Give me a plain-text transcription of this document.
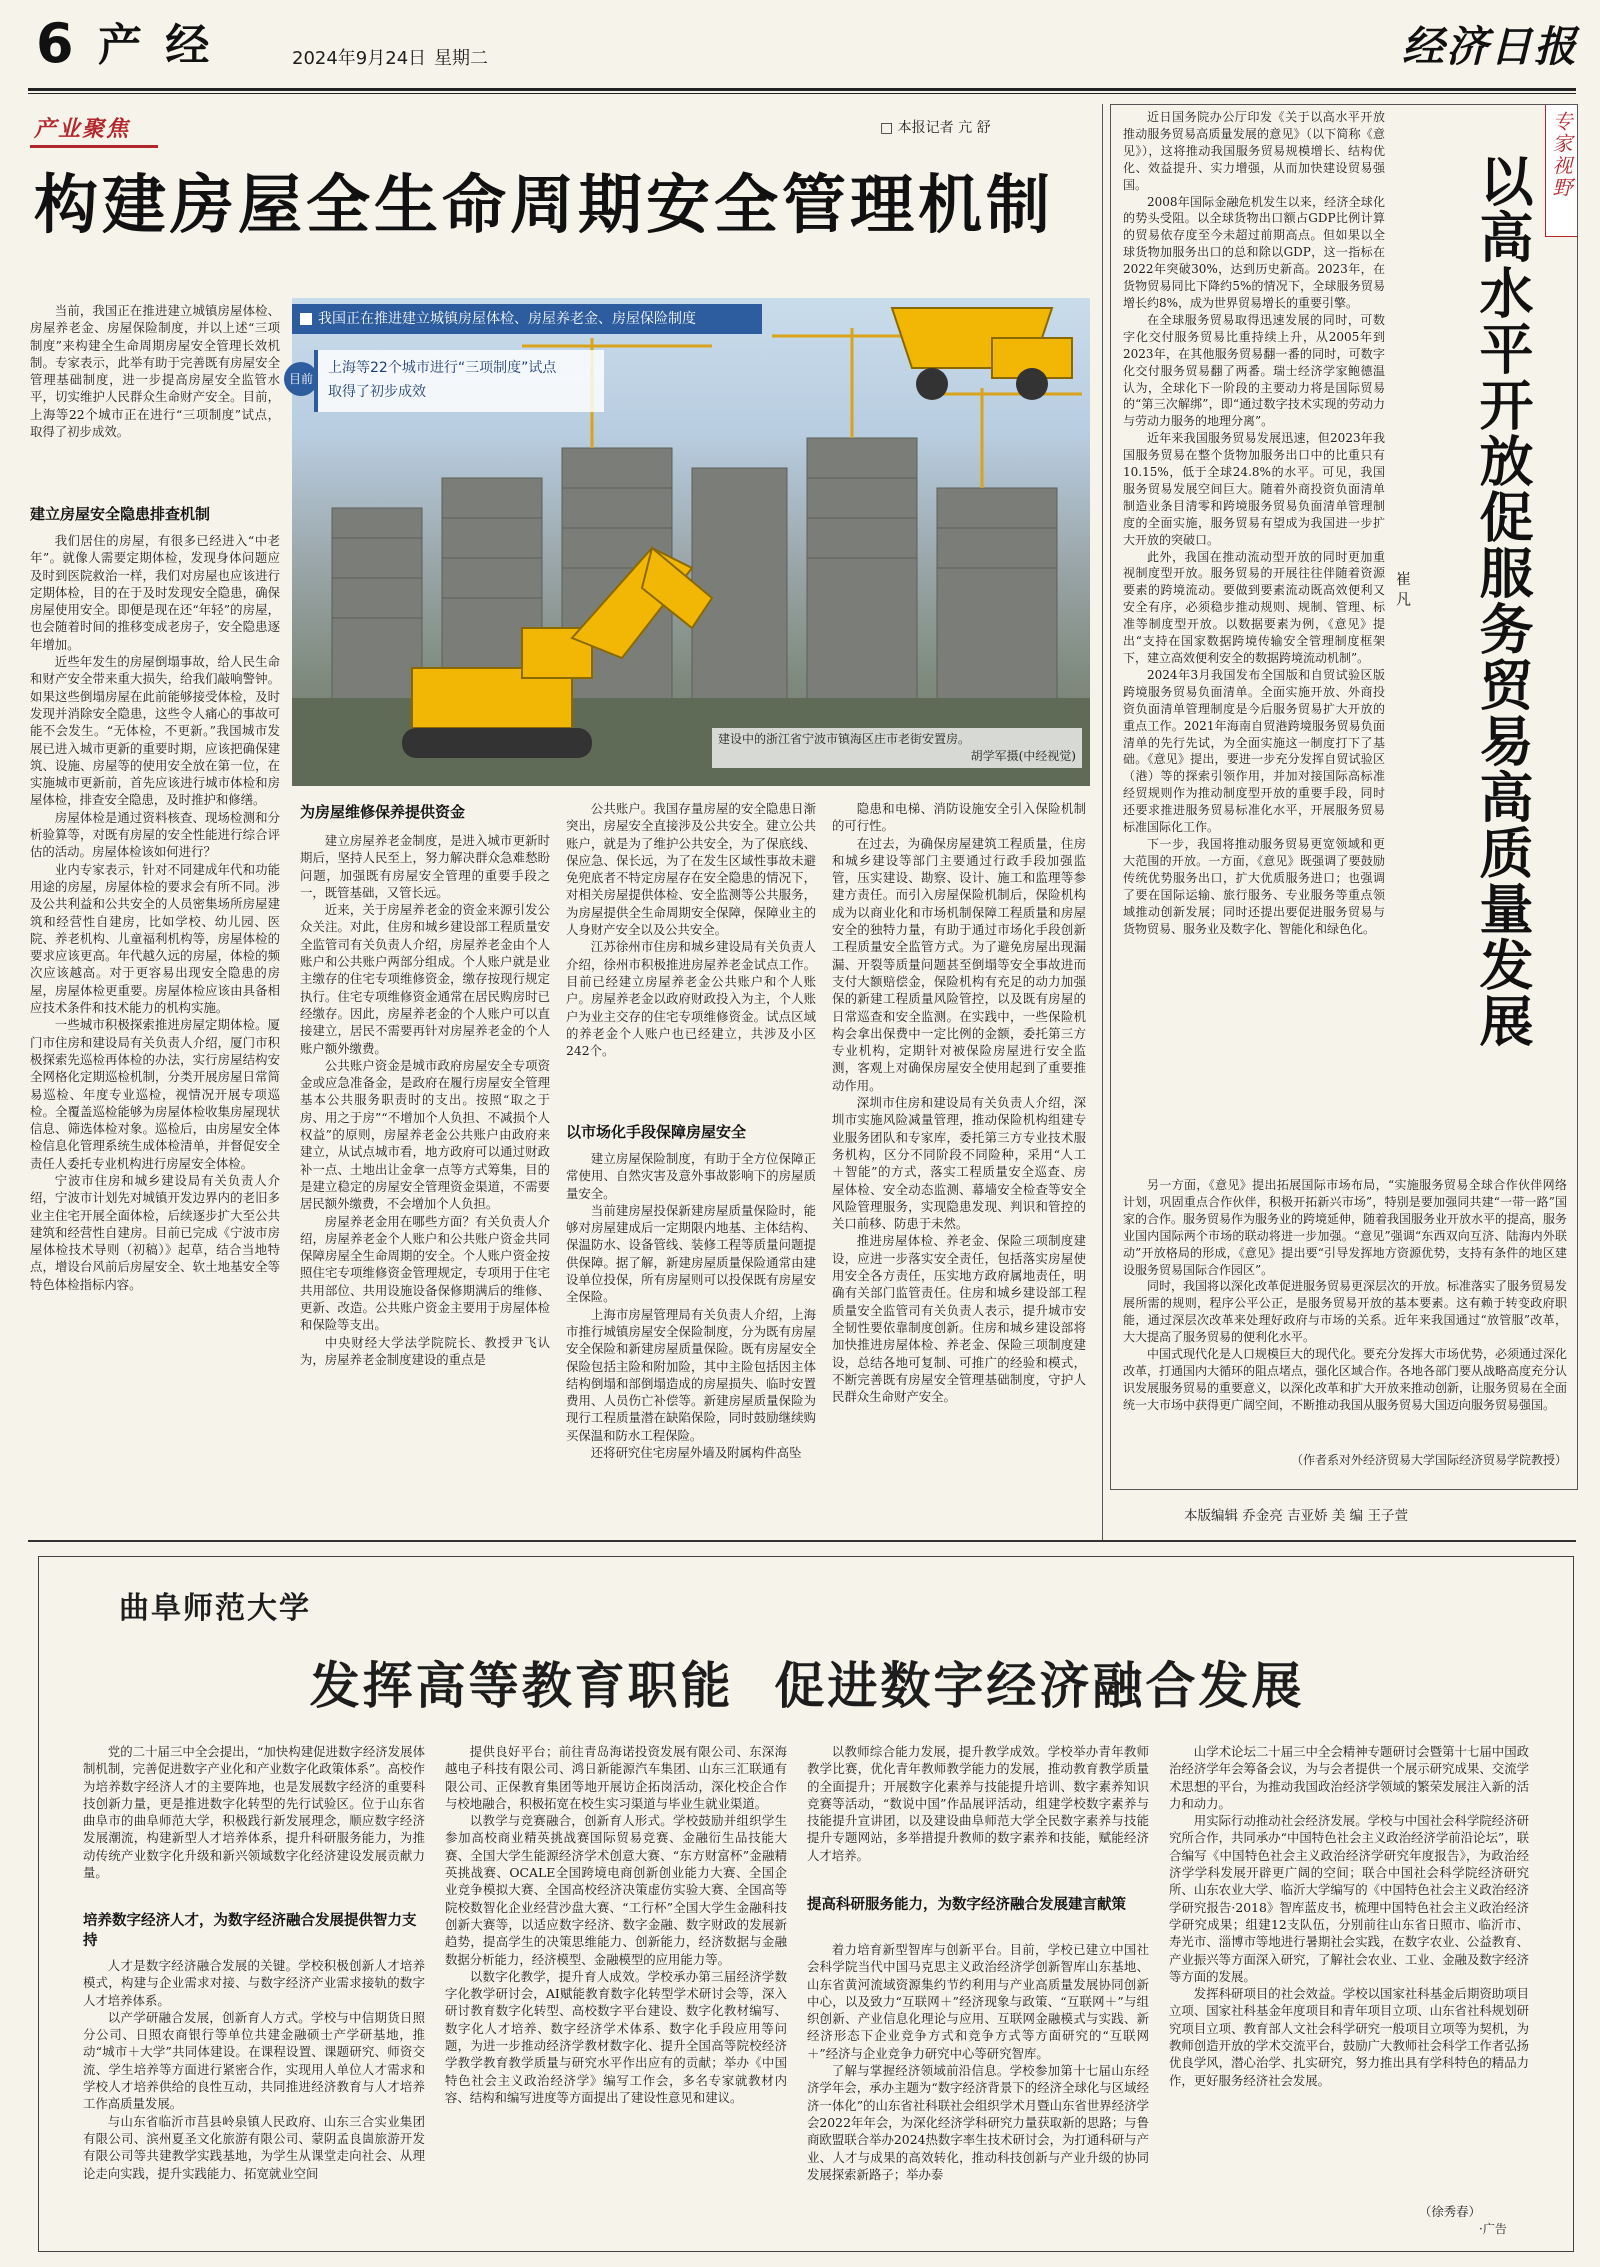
6 产 经	2024年9月24日 星期二	经济日报
产业聚焦	□ 本报记者 亢 舒
构建房屋全生命周期安全管理机制
我国正在推进建立城镇房屋体检、房屋养老金、房屋保险制度
目前
上海等22个城市进行“三项制度”试点
取得了初步成效
建设中的浙江省宁波市镇海区庄市老街安置房。
胡学军摄(中经视觉)

当前，我国正在推进建立城镇房屋体检、房屋养老金、房屋保险制度，并以上述“三项制度”来构建全生命周期房屋安全管理长效机制。专家表示，此举有助于完善既有房屋安全管理基础制度，进一步提高房屋安全监管水平，切实维护人民群众生命财产安全。目前，上海等22个城市正在进行“三项制度”试点，取得了初步成效。

建立房屋安全隐患排查机制

我们居住的房屋，有很多已经进入“中老年”。就像人需要定期体检，发现身体问题应及时到医院救治一样，我们对房屋也应该进行定期体检，目的在于及时发现安全隐患，确保房屋使用安全。即便是现在还“年轻”的房屋，也会随着时间的推移变成老房子，安全隐患逐年增加。

近些年发生的房屋倒塌事故，给人民生命和财产安全带来重大损失，给我们敲响警钟。如果这些倒塌房屋在此前能够接受体检，及时发现并消除安全隐患，这些令人痛心的事故可能不会发生。“无体检，不更新。”我国城市发展已进入城市更新的重要时期，应该把确保建筑、设施、房屋等的使用安全放在第一位，在实施城市更新前，首先应该进行城市体检和房屋体检，排查安全隐患，及时推护和修缮。

房屋体检是通过资料核查、现场检测和分析验算等，对既有房屋的安全性能进行综合评估的活动。房屋体检该如何进行？

业内专家表示，针对不同建成年代和功能用途的房屋，房屋体检的要求会有所不同。涉及公共利益和公共安全的人员密集场所房屋建筑和经营性自建房，比如学校、幼儿园、医院、养老机构、儿童福利机构等，房屋体检的要求应该更高。年代越久远的房屋，体检的频次应该越高。对于更容易出现安全隐患的房屋，房屋体检更重要。房屋体检应该由具备相应技术条件和技术能力的机构实施。

一些城市积极探索推进房屋定期体检。厦门市住房和建设局有关负责人介绍，厦门市积极探索先巡检再体检的办法，实行房屋结构安全网格化定期巡检机制，分类开展房屋日常简易巡检、年度专业巡检，视情况开展专项巡检。全覆盖巡检能够为房屋体检收集房屋现状信息、筛选体检对象。巡检后，由房屋安全体检信息化管理系统生成体检清单，并督促安全责任人委托专业机构进行房屋安全体检。

宁波市住房和城乡建设局有关负责人介绍，宁波市计划先对城镇开发边界内的老旧多业主住宅开展全面体检，后续逐步扩大至公共建筑和经营性自建房。目前已完成《宁波市房屋体检技术导则（初稿）》起草，结合当地特点，增设台风前后房屋安全、软土地基安全等特色体检指标内容。

为房屋维修保养提供资金

建立房屋养老金制度，是进入城市更新时期后，坚持人民至上，努力解决群众急难愁盼问题，加强既有房屋安全管理的重要手段之一，既管基础，又管长远。

近来，关于房屋养老金的资金来源引发公众关注。对此，住房和城乡建设部工程质量安全监管司有关负责人介绍，房屋养老金由个人账户和公共账户两部分组成。个人账户就是业主缴存的住宅专项维修资金，缴存按现行规定执行。住宅专项维修资金通常在居民购房时已经缴存。因此，房屋养老金的个人账户可以直接建立，居民不需要再针对房屋养老金的个人账户额外缴费。

公共账户资金是城市政府房屋安全专项资金或应急准备金，是政府在履行房屋安全管理基本公共服务职责时的支出。按照“取之于房、用之于房”“不增加个人负担、不减损个人权益”的原则，房屋养老金公共账户由政府来建立，从试点城市看，地方政府可以通过财政补一点、土地出让金拿一点等方式筹集，目的是建立稳定的房屋安全管理资金渠道，不需要居民额外缴费，不会增加个人负担。

房屋养老金用在哪些方面？有关负责人介绍，房屋养老金个人账户和公共账户资金共同保障房屋全生命周期的安全。个人账户资金按照住宅专项维修资金管理规定，专项用于住宅共用部位、共用设施设备保修期满后的维修、更新、改造。公共账户资金主要用于房屋体检和保险等支出。

中央财经大学法学院院长、教授尹飞认为，房屋养老金制度建设的重点是

公共账户。我国存量房屋的安全隐患日渐突出，房屋安全直接涉及公共安全。建立公共账户，就是为了维护公共安全，为了保底线、保应急、保长远，为了在发生区域性事故未避免兜底者不特定房屋存在安全隐患的情况下，对相关房屋提供体检、安全监测等公共服务，为房屋提供全生命周期安全保障，保障业主的人身财产安全以及公共安全。

江苏徐州市住房和城乡建设局有关负责人介绍，徐州市积极推进房屋养老金试点工作。目前已经建立房屋养老金公共账户和个人账户。房屋养老金以政府财政投入为主，个人账户为业主交存的住宅专项维修资金。试点区域的养老金个人账户也已经建立，共涉及小区242个。

以市场化手段保障房屋安全

建立房屋保险制度，有助于全方位保障正常使用、自然灾害及意外事故影响下的房屋质量安全。

当前建房屋投保新建房屋质量保险时，能够对房屋建成后一定期限内地基、主体结构、保温防水、设备管线、装修工程等质量问题提供保障。据了解，新建房屋质量保险通常由建设单位投保，所有房屋则可以投保既有房屋安全保险。

上海市房屋管理局有关负责人介绍，上海市推行城镇房屋安全保险制度，分为既有房屋安全保险和新建房屋质量保险。既有房屋安全保险包括主险和附加险，其中主险包括因主体结构倒塌和部倒塌造成的房屋损失、临时安置费用、人员伤亡补偿等。新建房屋质量保险为现行工程质量潜在缺陷保险，同时鼓励继续购买保温和防水工程保险。

还将研究住宅房屋外墙及附属构件高坠

隐患和电梯、消防设施安全引入保险机制的可行性。

在过去，为确保房屋建筑工程质量，住房和城乡建设等部门主要通过行政手段加强监管，压实建设、勘察、设计、施工和监理等参建方责任。而引入房屋保险机制后，保险机构成为以商业化和市场机制保障工程质量和房屋安全的独特力量，有助于通过市场化手段创新工程质量安全监管方式。为了避免房屋出现漏漏、开裂等质量问题甚至倒塌等安全事故进而支付大额赔偿金，保险机构有充足的动力加强保的新建工程质量风险管控，以及既有房屋的日常巡查和安全监测。在实践中，一些保险机构会拿出保费中一定比例的金额，委托第三方专业机构，定期针对被保险房屋进行安全监测，客观上对确保房屋安全使用起到了重要推动作用。

深圳市住房和建设局有关负责人介绍，深圳市实施风险减量管理，推动保险机构组建专业服务团队和专家库，委托第三方专业技术服务机构，区分不同阶段不同险种，采用“人工＋智能”的方式，落实工程质量安全巡查、房屋体检、安全动态监测、幕墙安全检查等安全风险管理服务，实现隐患发现、判识和管控的关口前移、防患于未然。

推进房屋体检、养老金、保险三项制度建设，应进一步落实安全责任，包括落实房屋使用安全各方责任，压实地方政府属地责任，明确有关部门监管责任。住房和城乡建设部工程质量安全监管司有关负责人表示，提升城市安全韧性要依靠制度创新。住房和城乡建设部将加快推进房屋体检、养老金、保险三项制度建设，总结各地可复制、可推广的经验和模式，不断完善既有房屋安全管理基础制度，守护人民群众生命财产安全。

专家视野
以高水平开放促服务贸易高质量发展
崔 凡

近日国务院办公厅印发《关于以高水平开放推动服务贸易高质量发展的意见》（以下简称《意见》），这将推动我国服务贸易规模增长、结构优化、效益提升、实力增强，从而加快建设贸易强国。

2008年国际金融危机发生以来，经济全球化的势头受阻。以全球货物出口额占GDP比例计算的贸易依存度至今未超过前期高点。但如果以全球货物加服务出口的总和除以GDP，这一指标在2022年突破30%，达到历史新高。2023年，在货物贸易同比下降约5%的情况下，全球服务贸易增长约8%，成为世界贸易增长的重要引擎。

在全球服务贸易取得迅速发展的同时，可数字化交付服务贸易比重持续上升，从2005年到2023年，在其他服务贸易翻一番的同时，可数字化交付服务贸易翻了两番。瑞士经济学家鲍德温认为，全球化下一阶段的主要动力将是国际贸易的“第三次解绑”，即“通过数字技术实现的劳动力与劳动力服务的地理分离”。

近年来我国服务贸易发展迅速，但2023年我国服务贸易在整个货物加服务出口中的比重只有10.15%，低于全球24.8%的水平。可见，我国服务贸易发展空间巨大。随着外商投资负面清单制造业条目清零和跨境服务贸易负面清单管理制度的全面实施，服务贸易有望成为我国进一步扩大开放的突破口。

此外，我国在推动流动型开放的同时更加重视制度型开放。服务贸易的开展往往伴随着资源要素的跨境流动。要做到要素流动既高效便利又安全有序，必须稳步推动规则、规制、管理、标准等制度型开放。以数据要素为例，《意见》提出“支持在国家数据跨境传输安全管理制度框架下，建立高效便利安全的数据跨境流动机制”。

2024年3月我国发布全国版和自贸试验区版跨境服务贸易负面清单。全面实施开放、外商投资负面清单管理制度是今后服务贸易扩大开放的重点工作。2021年海南自贸港跨境服务贸易负面清单的先行先试，为全面实施这一制度打下了基础。《意见》提出，要进一步充分发挥自贸试验区（港）等的探索引领作用，并加对接国际高标准经贸规则作为推动制度型开放的重要手段，同时还要求推进服务贸易标准化水平，开展服务贸易标准国际化工作。

下一步，我国将推动服务贸易更宽领域和更大范围的开放。一方面，《意见》既强调了要鼓励传统优势服务出口，扩大优质服务进口；也强调了要在国际运输、旅行服务、专业服务等重点领域推动创新发展；同时还提出要促进服务贸易与货物贸易、服务业及数字化、智能化和绿色化。

另一方面，《意见》提出拓展国际市场布局，“实施服务贸易全球合作伙伴网络计划，巩固重点合作伙伴，积极开拓新兴市场”，特别是要加强同共建“一带一路”国家的合作。服务贸易作为服务业的跨境延伸，随着我国服务业开放水平的提高，服务业国内国际两个市场的联动将进一步加强。“意见”强调“东西双向互济、陆海内外联动”开放格局的形成，《意见》提出要“引导发挥地方资源优势，支持有条件的地区建设服务贸易国际合作园区”。

同时，我国将以深化改革促进服务贸易更深层次的开放。标准落实了服务贸易发展所需的规则，程序公平公正，是服务贸易开放的基本要素。这有赖于转变政府职能，通过深层次改革来处理好政府与市场的关系。近年来我国通过“放管服”改革，大大提高了服务贸易的便利化水平。

中国式现代化是人口规模巨大的现代化。要充分发挥大市场优势，必须通过深化改革，打通国内大循环的阻点堵点，强化区域合作。各地各部门要从战略高度充分认识发展服务贸易的重要意义，以深化改革和扩大开放来推动创新，让服务贸易在全面统一大市场中获得更广阔空间，不断推动我国从服务贸易大国迈向服务贸易强国。

（作者系对外经济贸易大学国际经济贸易学院教授）
本版编辑 乔金亮 吉亚娇 美 编 王子萱
曲阜师范大学
发挥高等教育职能  促进数字经济融合发展

党的二十届三中全会提出，“加快构建促进数字经济发展体制机制，完善促进数字产业化和产业数字化政策体系”。高校作为培养数字经济人才的主要阵地，也是发展数字经济的重要科技创新力量，更是推进数字化转型的先行试验区。位于山东省曲阜市的曲阜师范大学，积极践行新发展理念，顺应数字经济发展潮流，构建新型人才培养体系，提升科研服务能力，为推动传统产业数字化升级和新兴领域数字化经济建设发展贡献力量。

培养数字经济人才，为数字经济融合发展提供智力支持

人才是数字经济融合发展的关键。学校积极创新人才培养模式，构建与企业需求对接、与数字经济产业需求接轨的数字人才培养体系。

以产学研融合发展，创新育人方式。学校与中信期货日照分公司、日照农商银行等单位共建金融硕士产学研基地，推动“城市＋大学”共同体建设。在课程设置、课题研究、师资交流、学生培养等方面进行紧密合作，实现用人单位人才需求和学校人才培养供给的良性互动，共同推进经济教育与人才培养工作高质量发展。

与山东省临沂市莒县岭泉镇人民政府、山东三合实业集团有限公司、滨州夏圣文化旅游有限公司、蒙阴孟良崮旅游开发有限公司等共建教学实践基地，为学生从课堂走向社会、从理论走向实践，提升实践能力、拓宽就业空间

提供良好平台；前往青岛海诺投资发展有限公司、东深海越电子科技有限公司、鸿日新能源汽车集团、山东三汇联通有限公司、正保教育集团等地开展访企拓岗活动，深化校企合作与校地融合，积极拓宽在校生实习渠道与毕业生就业渠道。

以教学与竞赛融合，创新育人形式。学校鼓励并组织学生参加高校商业精英挑战赛国际贸易竞赛、金融衍生品技能大赛、全国大学生能源经济学术创意大赛、“东方财富杯”金融精英挑战赛、OCALE全国跨境电商创新创业能力大赛、全国企业竞争模拟大赛、全国高校经济决策虚仿实验大赛、全国高等院校数智化企业经营沙盘大赛、“工行杯”全国大学生金融科技创新大赛等，以适应数字经济、数字金融、数字财政的发展新趋势，提高学生的决策思维能力、创新能力，经济数据与金融数据分析能力，经济模型、金融模型的应用能力等。

以数字化教学，提升育人成效。学校承办第三届经济学数字化教学研讨会，AI赋能教育数字化转型学术研讨会等，深入研讨教育数字化转型、高校数字平台建设、数字化教材编写、数字化人才培养、数字经济学术体系、数字化手段应用等问题，为进一步推动经济学教材数字化、提升全国高等院校经济学教学教育教学质量与研究水平作出应有的贡献；举办《中国特色社会主义政治经济学》编写工作会，多名专家就教材内容、结构和编写进度等方面提出了建设性意见和建议。

以教师综合能力发展，提升教学成效。学校举办青年教师教学比赛，优化青年教师教学能力的发展，推动教育教学质量的全面提升；开展数字化素养与技能提升培训、数字素养知识竞赛等活动，“数说中国”作品展评活动，组建学校数字素养与技能提升宣讲团，以及建设曲阜师范大学全民数字素养与技能提升专题网站，多举措提升教师的数字素养和技能，赋能经济人才培养。

提高科研服务能力，为数字经济融合发展建言献策

着力培育新型智库与创新平台。目前，学校已建立中国社会科学院当代中国马克思主义政治经济学创新智库山东基地、山东省黄河流域资源集约节约利用与产业高质量发展协同创新中心，以及致力“互联网＋”经济现象与政策、“互联网＋”与组织创新、产业信息化理论与应用、互联网金融模式与实践、新经济形态下企业竞争方式和竞争方式等方面研究的“互联网＋”经济与企业竞争力研究中心等研究智库。

了解与掌握经济领域前沿信息。学校参加第十七届山东经济学年会，承办主题为“数字经济背景下的经济全球化与区域经济一体化”的山东省社科联社会组织学术月暨山东省世界经济学会2022年年会，为深化经济学科研究力量获取新的思路；与鲁商欧盟联合举办2024热数字率生技术研讨会，为打通科研与产业、人才与成果的高效转化，推动科技创新与产业升级的协同发展探索新路子；举办泰

山学术论坛二十届三中全会精神专题研讨会暨第十七届中国政治经济学年会筹备会议，为与会者提供一个展示研究成果、交流学术思想的平台，为推动我国政治经济学领域的繁荣发展注入新的活力和动力。

用实际行动推动社会经济发展。学校与中国社会科学院经济研究所合作，共同承办“中国特色社会主义政治经济学前沿论坛”，联合编写《中国特色社会主义政治经济学研究年度报告》，为政治经济学学科发展开辟更广阔的空间；联合中国社会科学院经济研究所、山东农业大学、临沂大学编写的《中国特色社会主义政治经济学研究报告·2018》智库蓝皮书，梳理中国特色社会主义政治经济学研究成果；组建12支队伍，分别前往山东省日照市、临沂市、寿光市、淄博市等地进行暑期社会实践，在数字农业、公益教育、产业振兴等方面深入研究，了解社会农业、工业、金融及数字经济等方面的发展。

发挥科研项目的社会效益。学校以国家社科基金后期资助项目立项、国家社科基金年度项目和青年项目立项、山东省社科规划研究项目立项、教育部人文社会科学研究一般项目立项等为契机，为教师创造开放的学术交流平台，鼓励广大教师社会科学工作者弘扬优良学风，潜心治学、扎实研究，努力推出具有学科特色的精品力作，更好服务经济社会发展。

（徐秀春）
·广告
